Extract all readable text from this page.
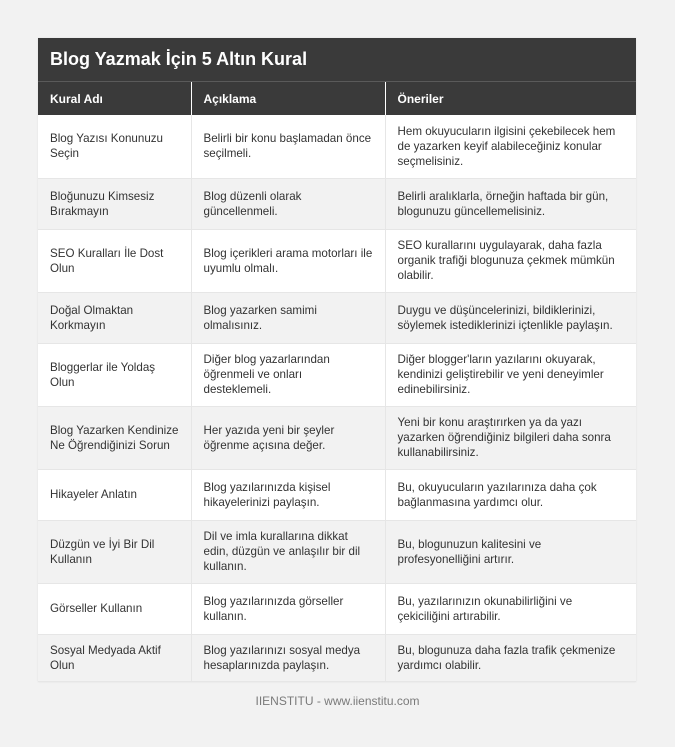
Blog Yazmak İçin 5 Altın Kural
Kural Adı	Açıklama	Öneriler
Blog Yazısı Konunuzu Seçin	Belirli bir konu başlamadan önce seçilmeli.	Hem okuyucuların ilgisini çekebilecek hem de yazarken keyif alabileceğiniz konular seçmelisiniz.
Bloğunuzu Kimsesiz Bırakmayın	Blog düzenli olarak güncellenmeli.	Belirli aralıklarla, örneğin haftada bir gün, blogunuzu güncellemelisiniz.
SEO Kuralları İle Dost Olun	Blog içerikleri arama motorları ile uyumlu olmalı.	SEO kurallarını uygulayarak, daha fazla organik trafiği blogunuza çekmek mümkün olabilir.
Doğal Olmaktan Korkmayın	Blog yazarken samimi olmalısınız.	Duygu ve düşüncelerinizi, bildiklerinizi, söylemek istediklerinizi içtenlikle paylaşın.
Bloggerlar ile Yoldaş Olun	Diğer blog yazarlarından öğrenmeli ve onları desteklemeli.	Diğer blogger'ların yazılarını okuyarak, kendinizi geliştirebilir ve yeni deneyimler edinebilirsiniz.
Blog Yazarken Kendinize Ne Öğrendiğinizi Sorun	Her yazıda yeni bir şeyler öğrenme açısına değer.	Yeni bir konu araştırırken ya da yazı yazarken öğrendiğiniz bilgileri daha sonra kullanabilirsiniz.
Hikayeler Anlatın	Blog yazılarınızda kişisel hikayelerinizi paylaşın.	Bu, okuyucuların yazılarınıza daha çok bağlanmasına yardımcı olur.
Düzgün ve İyi Bir Dil Kullanın	Dil ve imla kurallarına dikkat edin, düzgün ve anlaşılır bir dil kullanın.	Bu, blogunuzun kalitesini ve profesyonelliğini artırır.
Görseller Kullanın	Blog yazılarınızda görseller kullanın.	Bu, yazılarınızın okunabilirliğini ve çekiciliğini artırabilir.
Sosyal Medyada Aktif Olun	Blog yazılarınızı sosyal medya hesaplarınızda paylaşın.	Bu, blogunuza daha fazla trafik çekmenize yardımcı olabilir.
IIENSTITU - www.iienstitu.com
